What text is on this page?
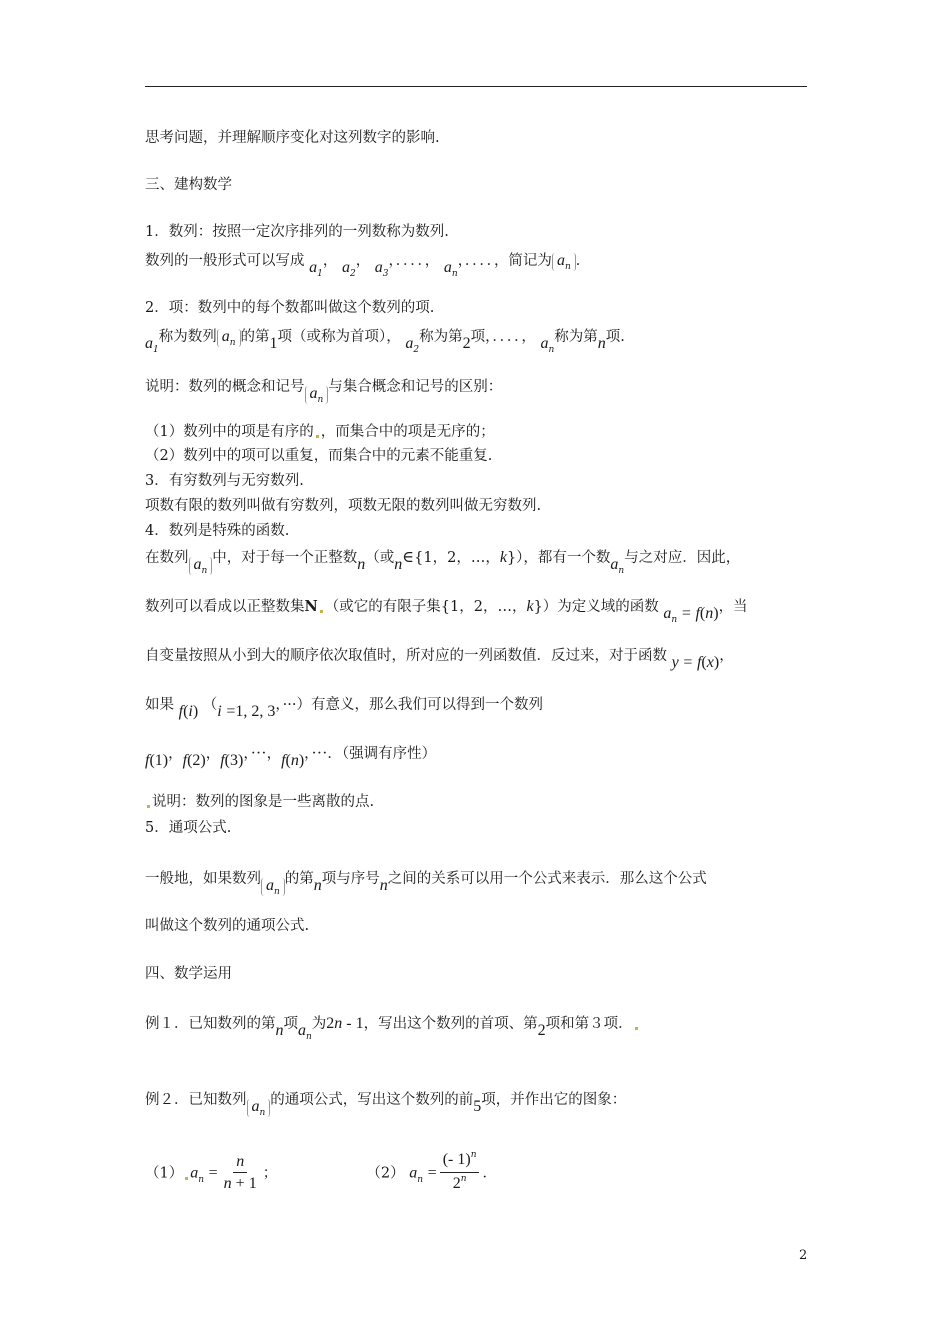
思考问题，并理解顺序变化对这列数字的影响.
三、建构数学
1．数列：按照一定次序排列的一列数称为数列.
数列的一般形式可以写成 $a_1$， $a_2$， $a_3$，．．．．， $a_n$，．．．．，简记为 $a_n$ ．
2．项：数列中的每个数都叫做这个数列的项.
$a_1$称为数列 $a_n$ 的第1项（或称为首项）， $a_2$称为第2项，．．．．， $a_n$称为第n项.
说明：数列的概念和记号 $a_n$与集合概念和记号的区别：
（1）数列中的项是有序的 ，而集合中的项是无序的；
（2）数列中的项可以重复，而集合中的元素不能重复.
3．有穷数列与无穷数列.
项数有限的数列叫做有穷数列，项数无限的数列叫做无穷数列.
4．数列是特殊的函数.
在数列 $a_n$中，对于每一个正整数n（或n∈{1，2，…，k}），都有一个数$a_n$与之对应．因此，
数列可以看成以正整数集N （或它的有限子集{1，2，…，k}）为定义域的函数 $a_n = f(n)$，当
自变量按照从小到大的顺序依次取值时，所对应的一列函数值．反过来，对于函数 y = f(x)，
如果 f(i) （i =1, 2, 3，···）有意义，那么我们可以得到一个数列
f(1)，f(2)，f(3)，···，f(n)，···．（强调有序性）
说明：数列的图象是一些离散的点.
5．通项公式.
一般地，如果数列 $a_n$的第n项与序号n之间的关系可以用一个公式来表示．那么这个公式
叫做这个数列的通项公式.
四、数学运用
例１．已知数列的第n项$a_n$为2n - 1，写出这个数列的首项、第2项和第３项．
例２．已知数列 $a_n$的通项公式，写出这个数列的前5项，并作出它的图象：
（1） $a_n = \frac{n}{n + 1}$ ；	（2） $a_n = \frac{(- 1)^n}{2^n}$ ．
2
